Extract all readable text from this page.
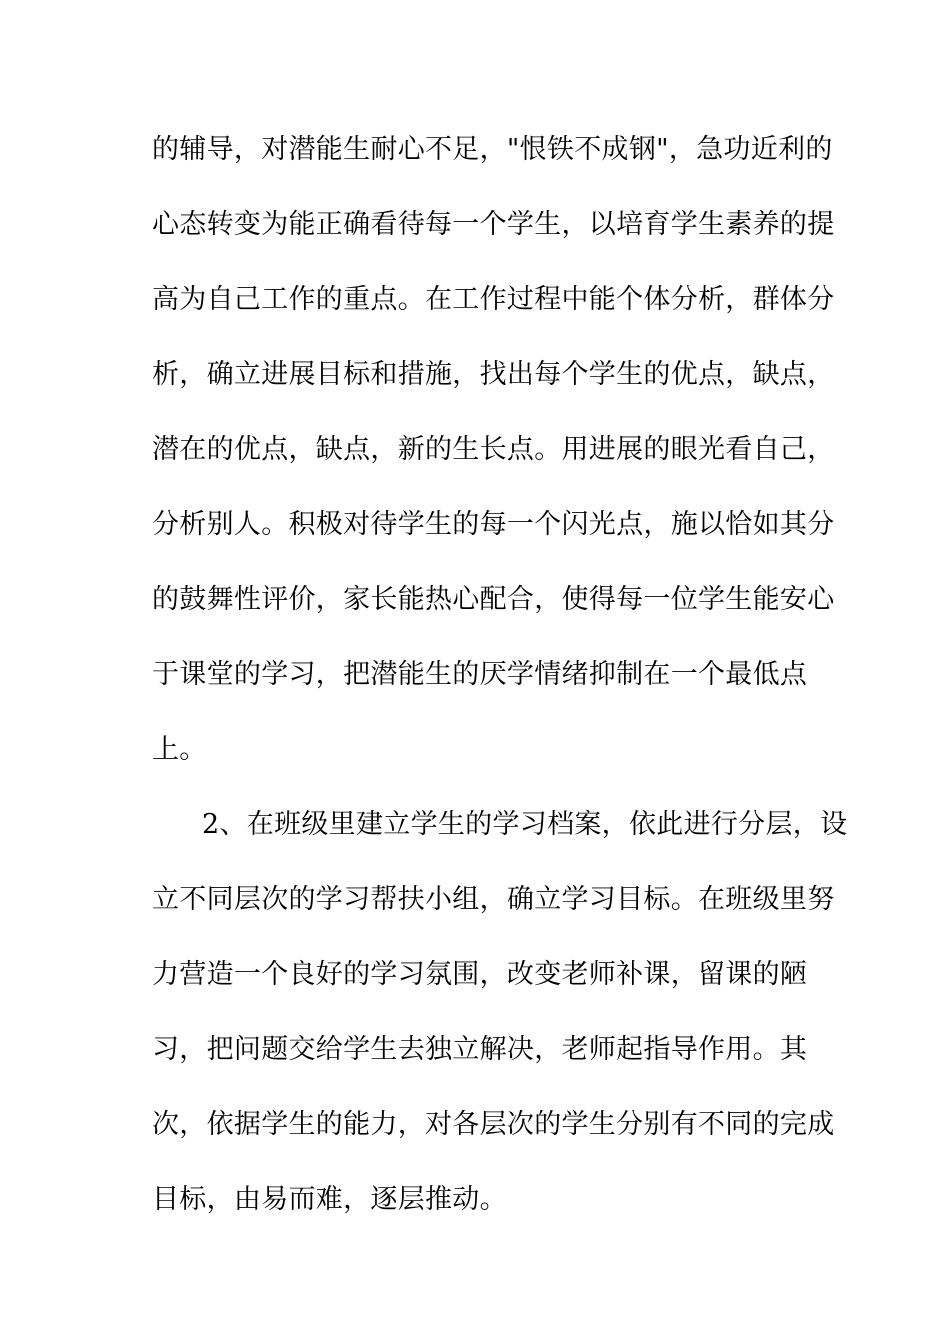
的辅导，对潜能生耐心不足，"恨铁不成钢"，急功近利的
心态转变为能正确看待每一个学生，以培育学生素养的提
高为自己工作的重点。在工作过程中能个体分析，群体分
析，确立进展目标和措施，找出每个学生的优点，缺点，
潜在的优点，缺点，新的生长点。用进展的眼光看自己，
分析别人。积极对待学生的每一个闪光点，施以恰如其分
的鼓舞性评价，家长能热心配合，使得每一位学生能安心
于课堂的学习，把潜能生的厌学情绪抑制在一个最低点
上。
2、在班级里建立学生的学习档案，依此进行分层，设
立不同层次的学习帮扶小组，确立学习目标。在班级里努
力营造一个良好的学习氛围，改变老师补课，留课的陋
习，把问题交给学生去独立解决，老师起指导作用。其
次，依据学生的能力，对各层次的学生分别有不同的完成
目标，由易而难，逐层推动。
